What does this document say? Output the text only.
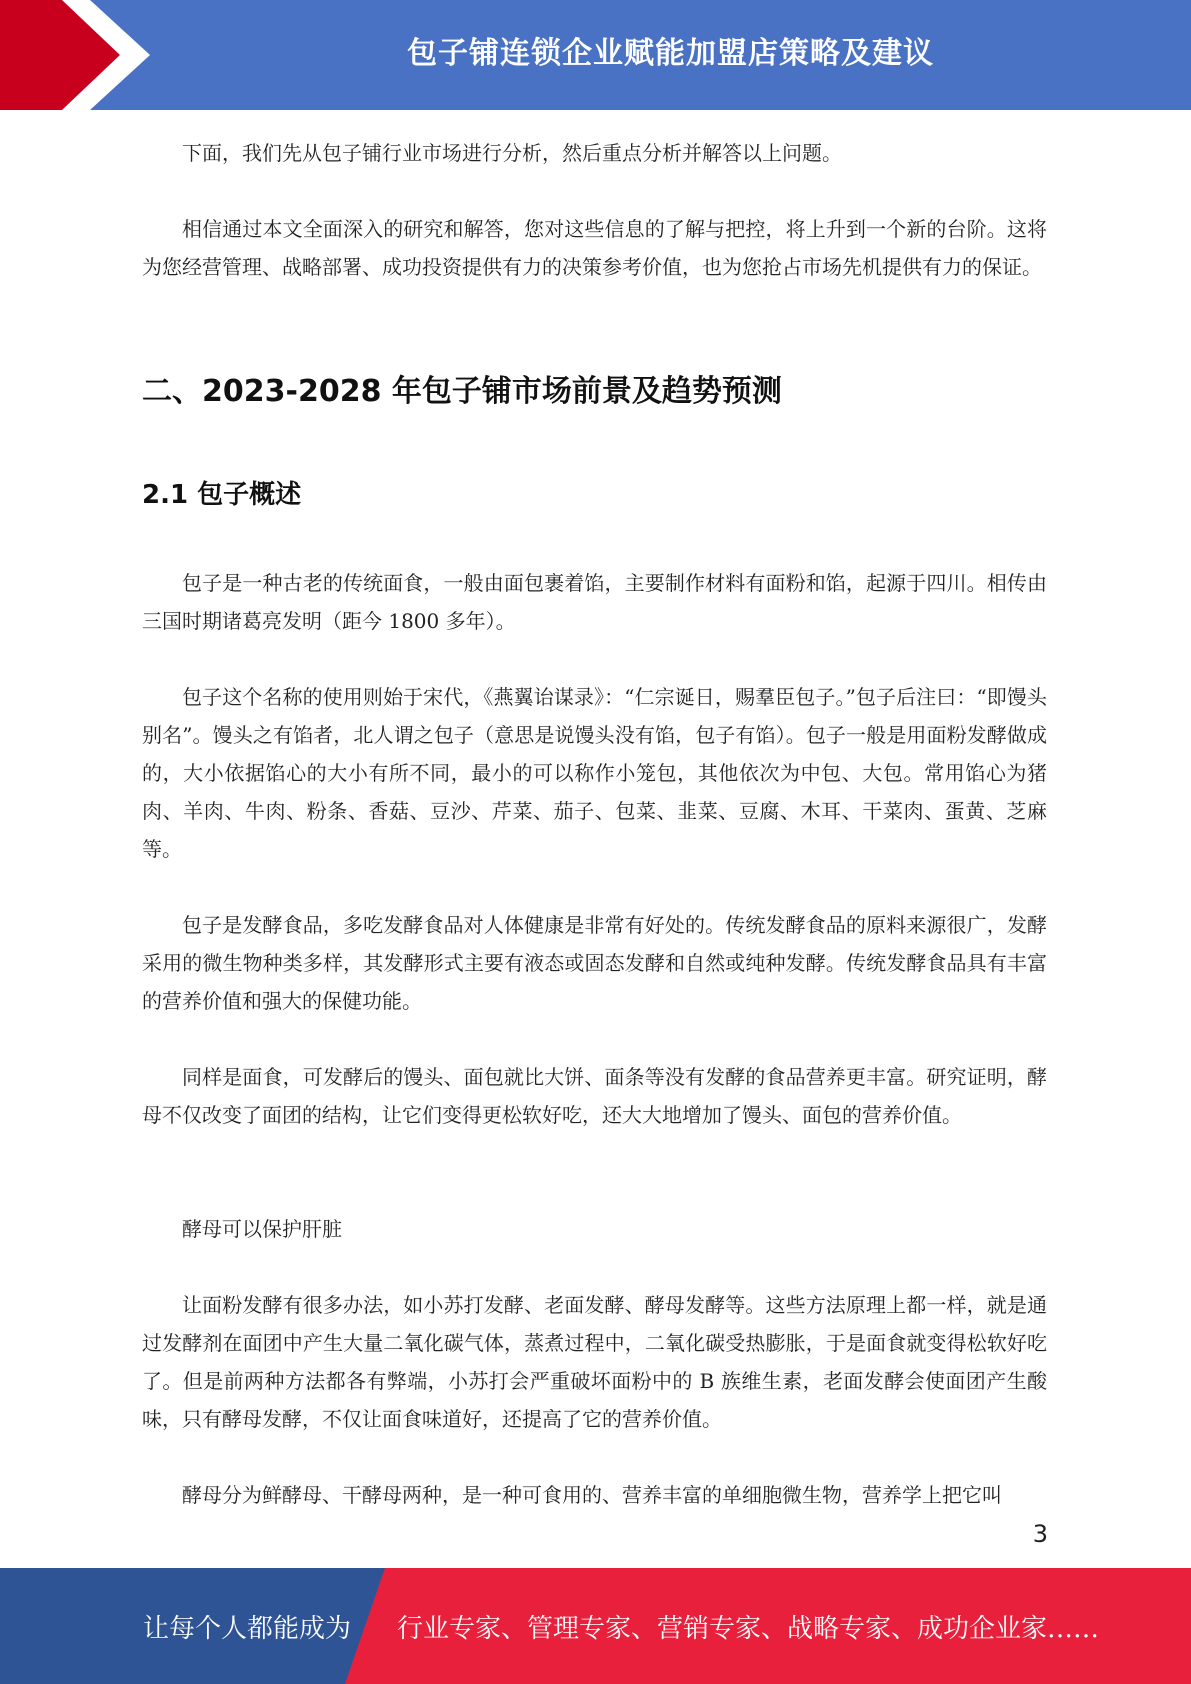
包子铺连锁企业赋能加盟店策略及建议

下面，我们先从包子铺行业市场进行分析，然后重点分析并解答以上问题。

相信通过本文全面深入的研究和解答，您对这些信息的了解与把控，将上升到一个新的台阶。这将为您经营管理、战略部署、成功投资提供有力的决策参考价值，也为您抢占市场先机提供有力的保证。

二、2023-2028 年包子铺市场前景及趋势预测
2.1 包子概述

包子是一种古老的传统面食，一般由面包裹着馅，主要制作材料有面粉和馅，起源于四川。相传由三国时期诸葛亮发明（距今 1800 多年）。

包子这个名称的使用则始于宋代，《燕翼诒谋录》：“仁宗诞日，赐羣臣包子。”包子后注曰：“即馒头别名”。馒头之有馅者，北人谓之包子（意思是说馒头没有馅，包子有馅）。包子一般是用面粉发酵做成的，大小依据馅心的大小有所不同，最小的可以称作小笼包，其他依次为中包、大包。常用馅心为猪肉、羊肉、牛肉、粉条、香菇、豆沙、芹菜、茄子、包菜、韭菜、豆腐、木耳、干菜肉、蛋黄、芝麻等。

包子是发酵食品，多吃发酵食品对人体健康是非常有好处的。传统发酵食品的原料来源很广，发酵采用的微生物种类多样，其发酵形式主要有液态或固态发酵和自然或纯种发酵。传统发酵食品具有丰富的营养价值和强大的保健功能。

同样是面食，可发酵后的馒头、面包就比大饼、面条等没有发酵的食品营养更丰富。研究证明，酵母不仅改变了面团的结构，让它们变得更松软好吃，还大大地增加了馒头、面包的营养价值。

酵母可以保护肝脏

让面粉发酵有很多办法，如小苏打发酵、老面发酵、酵母发酵等。这些方法原理上都一样，就是通过发酵剂在面团中产生大量二氧化碳气体，蒸煮过程中，二氧化碳受热膨胀，于是面食就变得松软好吃了。但是前两种方法都各有弊端，小苏打会严重破坏面粉中的 B 族维生素，老面发酵会使面团产生酸味，只有酵母发酵，不仅让面食味道好，还提高了它的营养价值。

酵母分为鲜酵母、干酵母两种，是一种可食用的、营养丰富的单细胞微生物，营养学上把它叫

3
让每个人都能成为 行业专家、管理专家、营销专家、战略专家、成功企业家……
